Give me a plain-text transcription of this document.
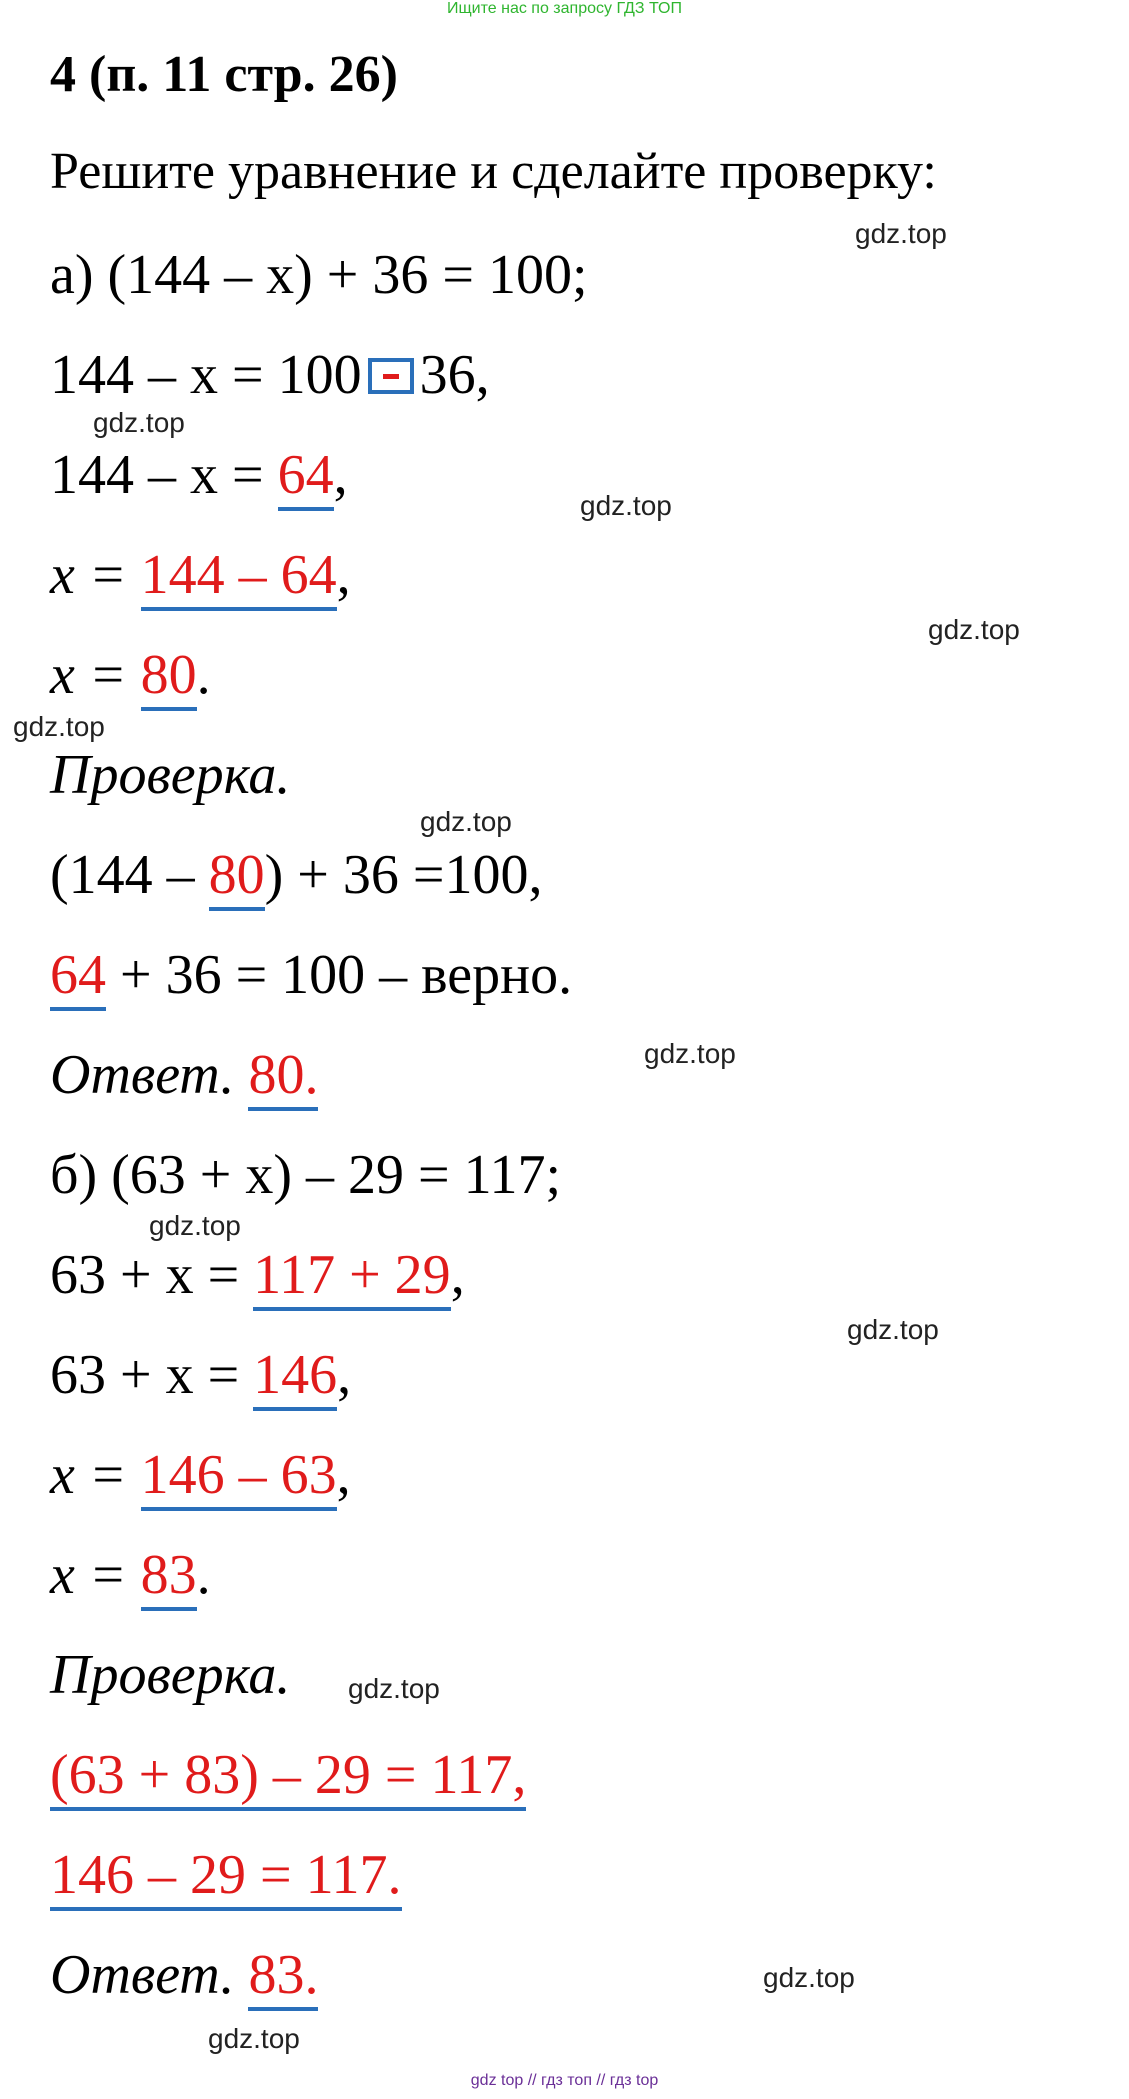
Ищите нас по запросу ГДЗ ТОП
4 (п. 11 стр. 26)
Решите уравнение и сделайте проверку:
а) (144 – x) + 36 = 100;
144 – x = 100 36,
144 – x = 64,
x = 144 – 64,
x = 80.
Проверка.
(144 – 80) + 36 =100,
64 + 36 = 100 – верно.
Ответ. 80.
б) (63 + x) – 29 = 117;
63 + x = 117 + 29,
63 + x = 146,
x = 146 – 63,
x = 83.
Проверка.
(63 + 83) – 29 = 117,
146 – 29 = 117.
Ответ. 83.
gdz.top
gdz.top
gdz.top
gdz.top
gdz.top
gdz.top
gdz.top
gdz.top
gdz.top
gdz.top
gdz.top
gdz.top
gdz top // гдз топ // гдз top
